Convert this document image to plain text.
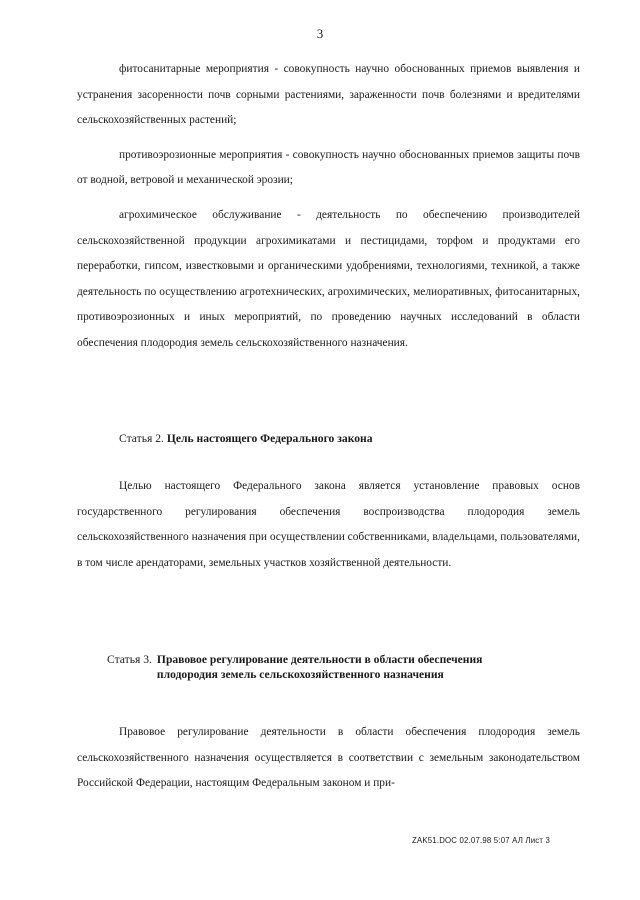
3

фитосанитарные мероприятия - совокупность научно обоснованных приемов выявления и устранения засоренности почв сорными растениями, зараженности почв болезнями и вредителями сельскохозяйственных растений;

противоэрозионные мероприятия - совокупность научно обоснованных приемов защиты почв от водной, ветровой и механической эрозии;

агрохимическое обслуживание - деятельность по обеспечению производителей сельскохозяйственной продукции агрохимикатами и пестицидами, торфом и продуктами его переработки, гипсом, известковыми и органическими удобрениями, технологиями, техникой, а также деятельность по осуществлению агротехнических, агрохимических, мелиоративных, фитосанитарных, противоэрозионных и иных мероприятий, по проведению научных исследований в области обеспечения плодородия земель сельскохозяйственного назначения.

Статья 2. Цель настоящего Федерального закона

Целью настоящего Федерального закона является установление правовых основ государственного регулирования обеспечения воспроизводства плодородия земель сельскохозяйственного назначения при осуществлении собственниками, владельцами, пользователями, в том числе арендаторами, земельных участков хозяйственной деятельности.

Статья 3. Правовое регулирование деятельности в области обеспечения плодородия земель сельскохозяйственного назначения

Правовое регулирование деятельности в области обеспечения плодородия земель сельскохозяйственного назначения осуществляется в соответствии с земельным законодательством Российской Федерации, настоящим Федеральным законом и при-

ZAK51.DOC 02.07.98 5:07 АЛ Лист 3
